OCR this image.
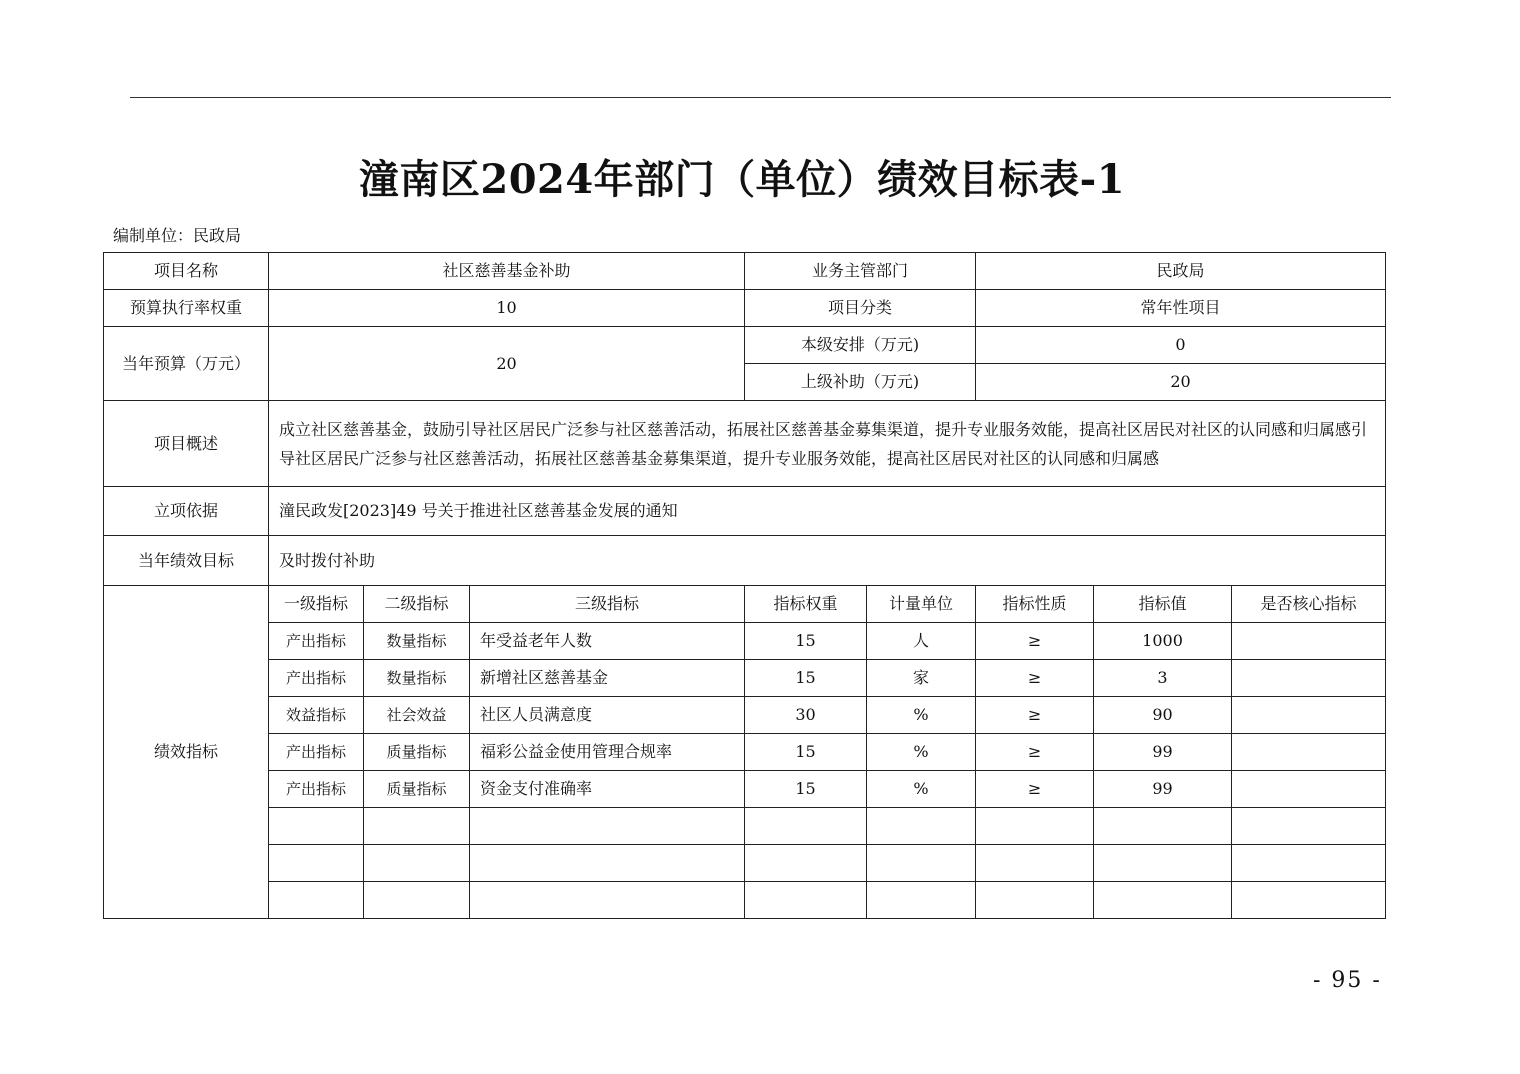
潼南区2024年部门（单位）绩效目标表-1
编制单位：民政局
项目名称	社区慈善基金补助			业务主管部门		民政局		
预算执行率权重	10			项目分类		常年性项目		
当年预算（万元）	20			本级安排（万元)		0		
				上级补助（万元)		20		
项目概述	成立社区慈善基金，鼓励引导社区居民广泛参与社区慈善活动，拓展社区慈善基金募集渠道，提升专业服务效能，提高社区居民对社区的认同感和归属感引导社区居民广泛参与社区慈善活动，拓展社区慈善基金募集渠道，提升专业服务效能，提高社区居民对社区的认同感和归属感							
立项依据	潼民政发[2023]49 号关于推进社区慈善基金发展的通知							
当年绩效目标	及时拨付补助							
绩效指标	一级指标	二级指标	三级指标	指标权重	计量单位	指标性质	指标值	是否核心指标
	产出指标	数量指标	年受益老年人数	15	人	≥	1000	
	产出指标	数量指标	新增社区慈善基金	15	家	≥	3	
	效益指标	社会效益	社区人员满意度	30	%	≥	90	
	产出指标	质量指标	福彩公益金使用管理合规率	15	%	≥	99	
	产出指标	质量指标	资金支付准确率	15	%	≥	99	

- 95 -
